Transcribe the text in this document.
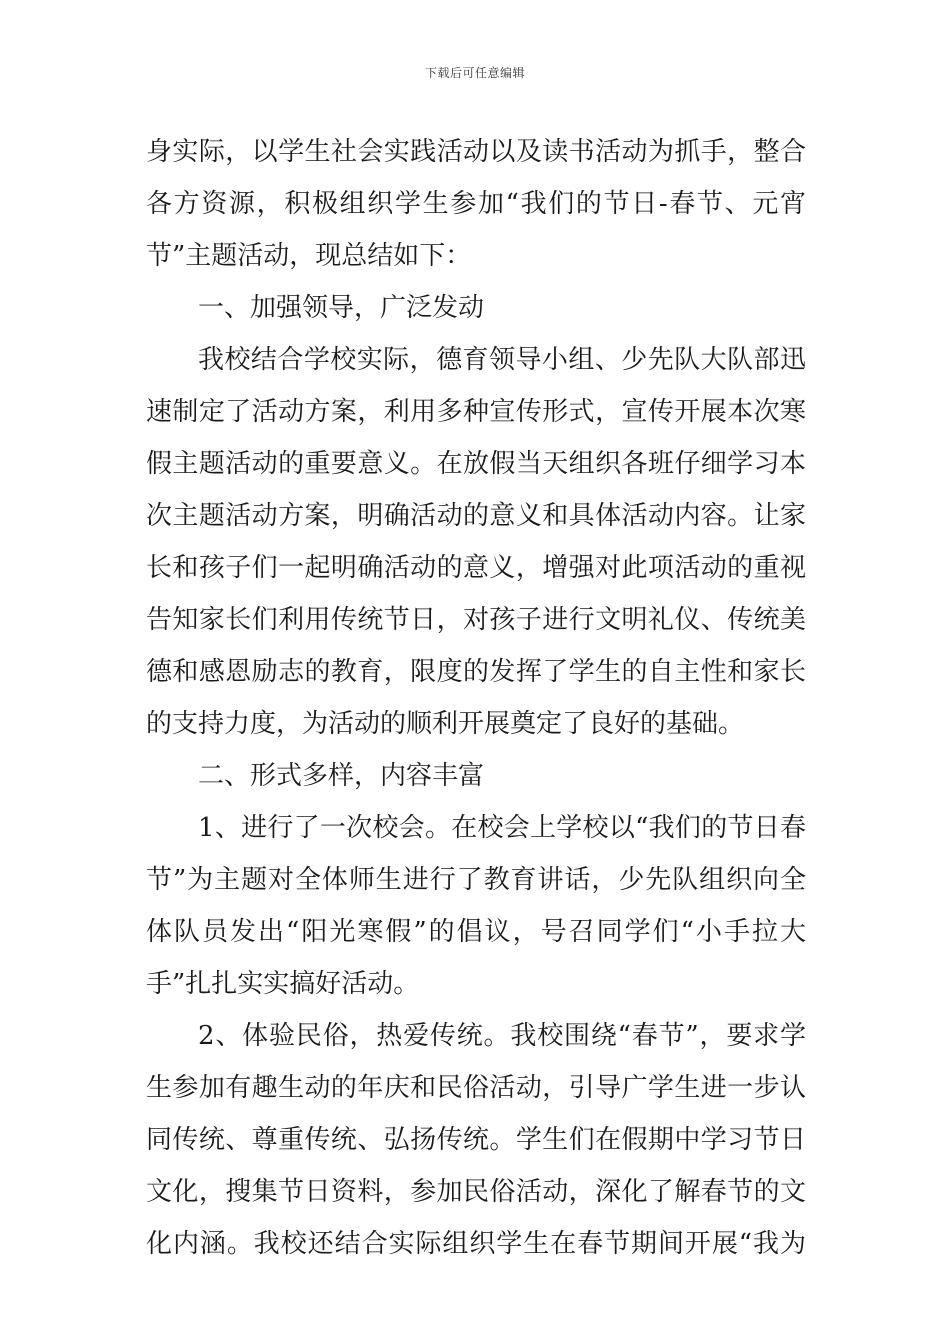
下载后可任意编辑
身实际，以学生社会实践活动以及读书活动为抓手，整合
各方资源，积极组织学生参加“我们的节日-春节、元宵
节”主题活动，现总结如下：
一、加强领导，广泛发动
我校结合学校实际，德育领导小组、少先队大队部迅
速制定了活动方案，利用多种宣传形式，宣传开展本次寒
假主题活动的重要意义。在放假当天组织各班仔细学习本
次主题活动方案，明确活动的意义和具体活动内容。让家
长和孩子们一起明确活动的意义，增强对此项活动的重视
告知家长们利用传统节日，对孩子进行文明礼仪、传统美
德和感恩励志的教育，限度的发挥了学生的自主性和家长
的支持力度，为活动的顺利开展奠定了良好的基础。
二、形式多样，内容丰富
1、进行了一次校会。在校会上学校以“我们的节日春
节”为主题对全体师生进行了教育讲话，少先队组织向全
体队员发出“阳光寒假”的倡议，号召同学们“小手拉大
手”扎扎实实搞好活动。
2、体验民俗，热爱传统。我校围绕“春节”，要求学
生参加有趣生动的年庆和民俗活动，引导广学生进一步认
同传统、尊重传统、弘扬传统。学生们在假期中学习节日
文化，搜集节日资料，参加民俗活动，深化了解春节的文
化内涵。我校还结合实际组织学生在春节期间开展“我为
